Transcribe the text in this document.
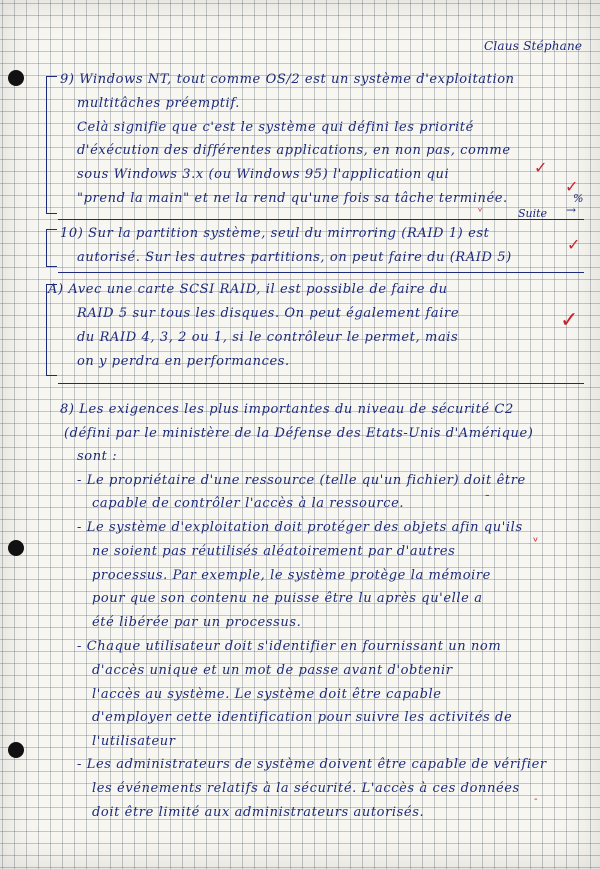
Claus Stéphane
9) Windows NT, tout comme OS/2 est un système d'exploitation
multitâches préemptif.
Celà signifie que c'est le système qui défini les priorité
d'éxécution des différentes applications, en non pas, comme
sous Windows 3.x (ou Windows 95) l'application qui
"prend la main" et ne la rend qu'une fois sa tâche terminée.
✓
✓
ᵛ
%
Suite →
10) Sur la partition système, seul du mirroring (RAID 1) est
autorisé. Sur les autres partitions, on peut faire du (RAID 5)
✓
A) Avec une carte SCSI RAID, il est possible de faire du
RAID 5 sur tous les disques. On peut également faire
du RAID 4, 3, 2 ou 1, si le contrôleur le permet, mais
on y perdra en performances.
✓
8) Les exigences les plus importantes du niveau de sécurité C2
(défini par le ministère de la Défense des Etats-Unis d'Amérique)
sont :
- Le propriétaire d'une ressource (telle qu'un fichier) doit être
capable de contrôler l'accès à la ressource.
- Le système d'exploitation doit protéger des objets afin qu'ils
ne soient pas réutilisés aléatoirement par d'autres
processus. Par exemple, le système protège la mémoire
pour que son contenu ne puisse être lu après qu'elle a
été libérée par un processus.
- Chaque utilisateur doit s'identifier en fournissant un nom
d'accès unique et un mot de passe avant d'obtenir
l'accès au système. Le système doit être capable
d'employer cette identification pour suivre les activités de
l'utilisateur
- Les administrateurs de système doivent être capable de vérifier
les événements relatifs à la sécurité. L'accès à ces données
doit être limité aux administrateurs autorisés.
-
ᵛ
-
